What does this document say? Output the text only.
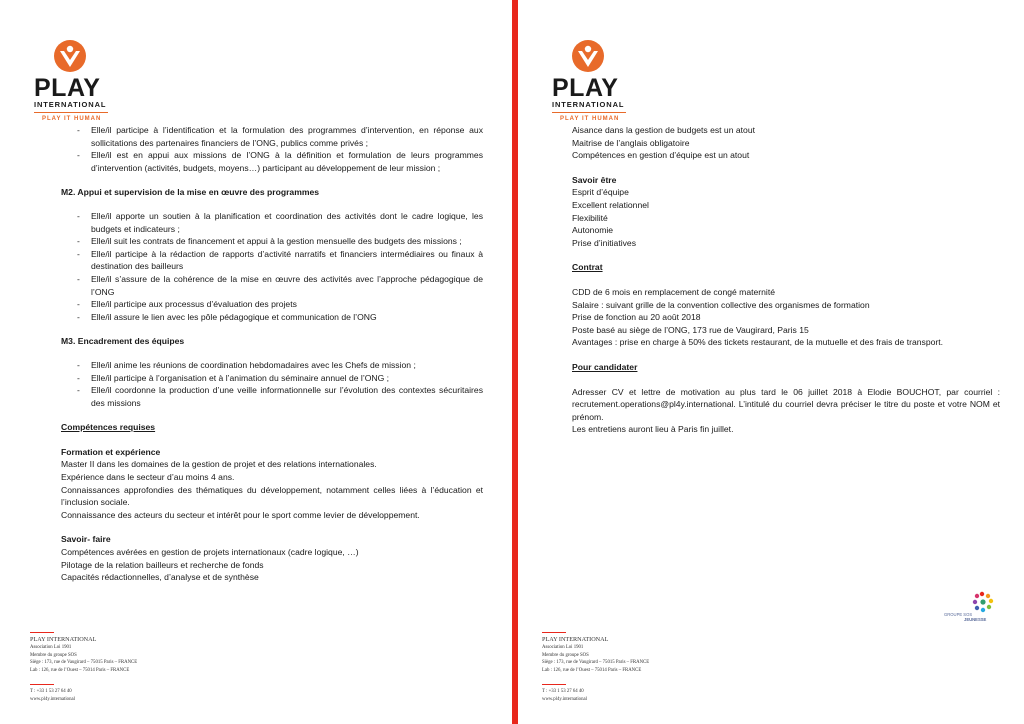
PLAY
INTERNATIONAL
PLAY IT HUMAN
- Elle/il participe à l’identification et la formulation des programmes d’intervention, en réponse aux sollicitations des partenaires financiers de l’ONG, publics comme privés ;
- Elle/il est en appui aux missions de l’ONG à la définition et formulation de leurs programmes d’intervention (activités, budgets, moyens…) participant au développement de leur mission ;
M2. Appui et supervision de la mise en œuvre des programmes
- Elle/il apporte un soutien à la planification et coordination des activités dont le cadre logique, les budgets et indicateurs ;
- Elle/il suit les contrats de financement et appui à la gestion mensuelle des budgets des missions ;
- Elle/il participe à la rédaction de rapports d’activité narratifs et financiers intermédiaires ou finaux à destination des bailleurs
- Elle/il s’assure de la cohérence de la mise en œuvre des activités avec l’approche pédagogique de l’ONG
- Elle/il participe aux processus d’évaluation des projets
- Elle/il assure le lien avec les pôle pédagogique et communication de l’ONG
M3. Encadrement des équipes
- Elle/il anime les réunions de coordination hebdomadaires avec les Chefs de mission ;
- Elle/il participe à l’organisation et à l’animation du séminaire annuel de l’ONG ;
- Elle/il coordonne la production d’une veille informationnelle sur l’évolution des contextes sécuritaires des missions
Compétences requises
Formation et expérience
Master II dans les domaines de la gestion de projet et des relations internationales.
Expérience dans le secteur d’au moins 4 ans.
Connaissances approfondies des thématiques du développement, notamment celles liées à l’éducation et l’inclusion sociale.
Connaissance des acteurs du secteur et intérêt pour le sport comme levier de développement.
Savoir- faire
Compétences avérées en gestion de projets internationaux (cadre logique, …)
Pilotage de la relation bailleurs et recherche de fonds
Capacités rédactionnelles, d’analyse et de synthèse
PLAY INTERNATIONAL
Association Loi 1901
Membre du groupe SOS
Siège : 173, rue de Vaugirard – 75015 Paris – FRANCE
Lab : 126, rue de l’Ouest – 75014 Paris – FRANCE
T : +33 1 53 27 64 40
www.pl4y.international
PLAY
INTERNATIONAL
PLAY IT HUMAN
Aisance dans la gestion de budgets est un atout
Maitrise de l’anglais obligatoire
Compétences en gestion d’équipe est un atout
Savoir être
Esprit d’équipe
Excellent relationnel
Flexibilité
Autonomie
Prise d’initiatives
Contrat
CDD de 6 mois en remplacement de congé maternité
Salaire : suivant grille de la convention collective des organismes de formation
Prise de fonction au 20 août 2018
Poste basé au siège de l’ONG, 173 rue de Vaugirard, Paris 15
Avantages : prise en charge à 50% des tickets restaurant, de la mutuelle et des frais de transport.
Pour candidater
Adresser CV et lettre de motivation au plus tard le 06 juillet 2018 à Elodie BOUCHOT, par courriel : recrutement.operations@pl4y.international. L’intitulé du courriel devra préciser le titre du poste et votre NOM et prénom.
Les entretiens auront lieu à Paris fin juillet.
GROUPE SOS
JEUNESSE
PLAY INTERNATIONAL
Association Loi 1901
Membre du groupe SOS
Siège : 173, rue de Vaugirard – 75015 Paris – FRANCE
Lab : 126, rue de l’Ouest – 75014 Paris – FRANCE
T : +33 1 53 27 64 40
www.pl4y.international
